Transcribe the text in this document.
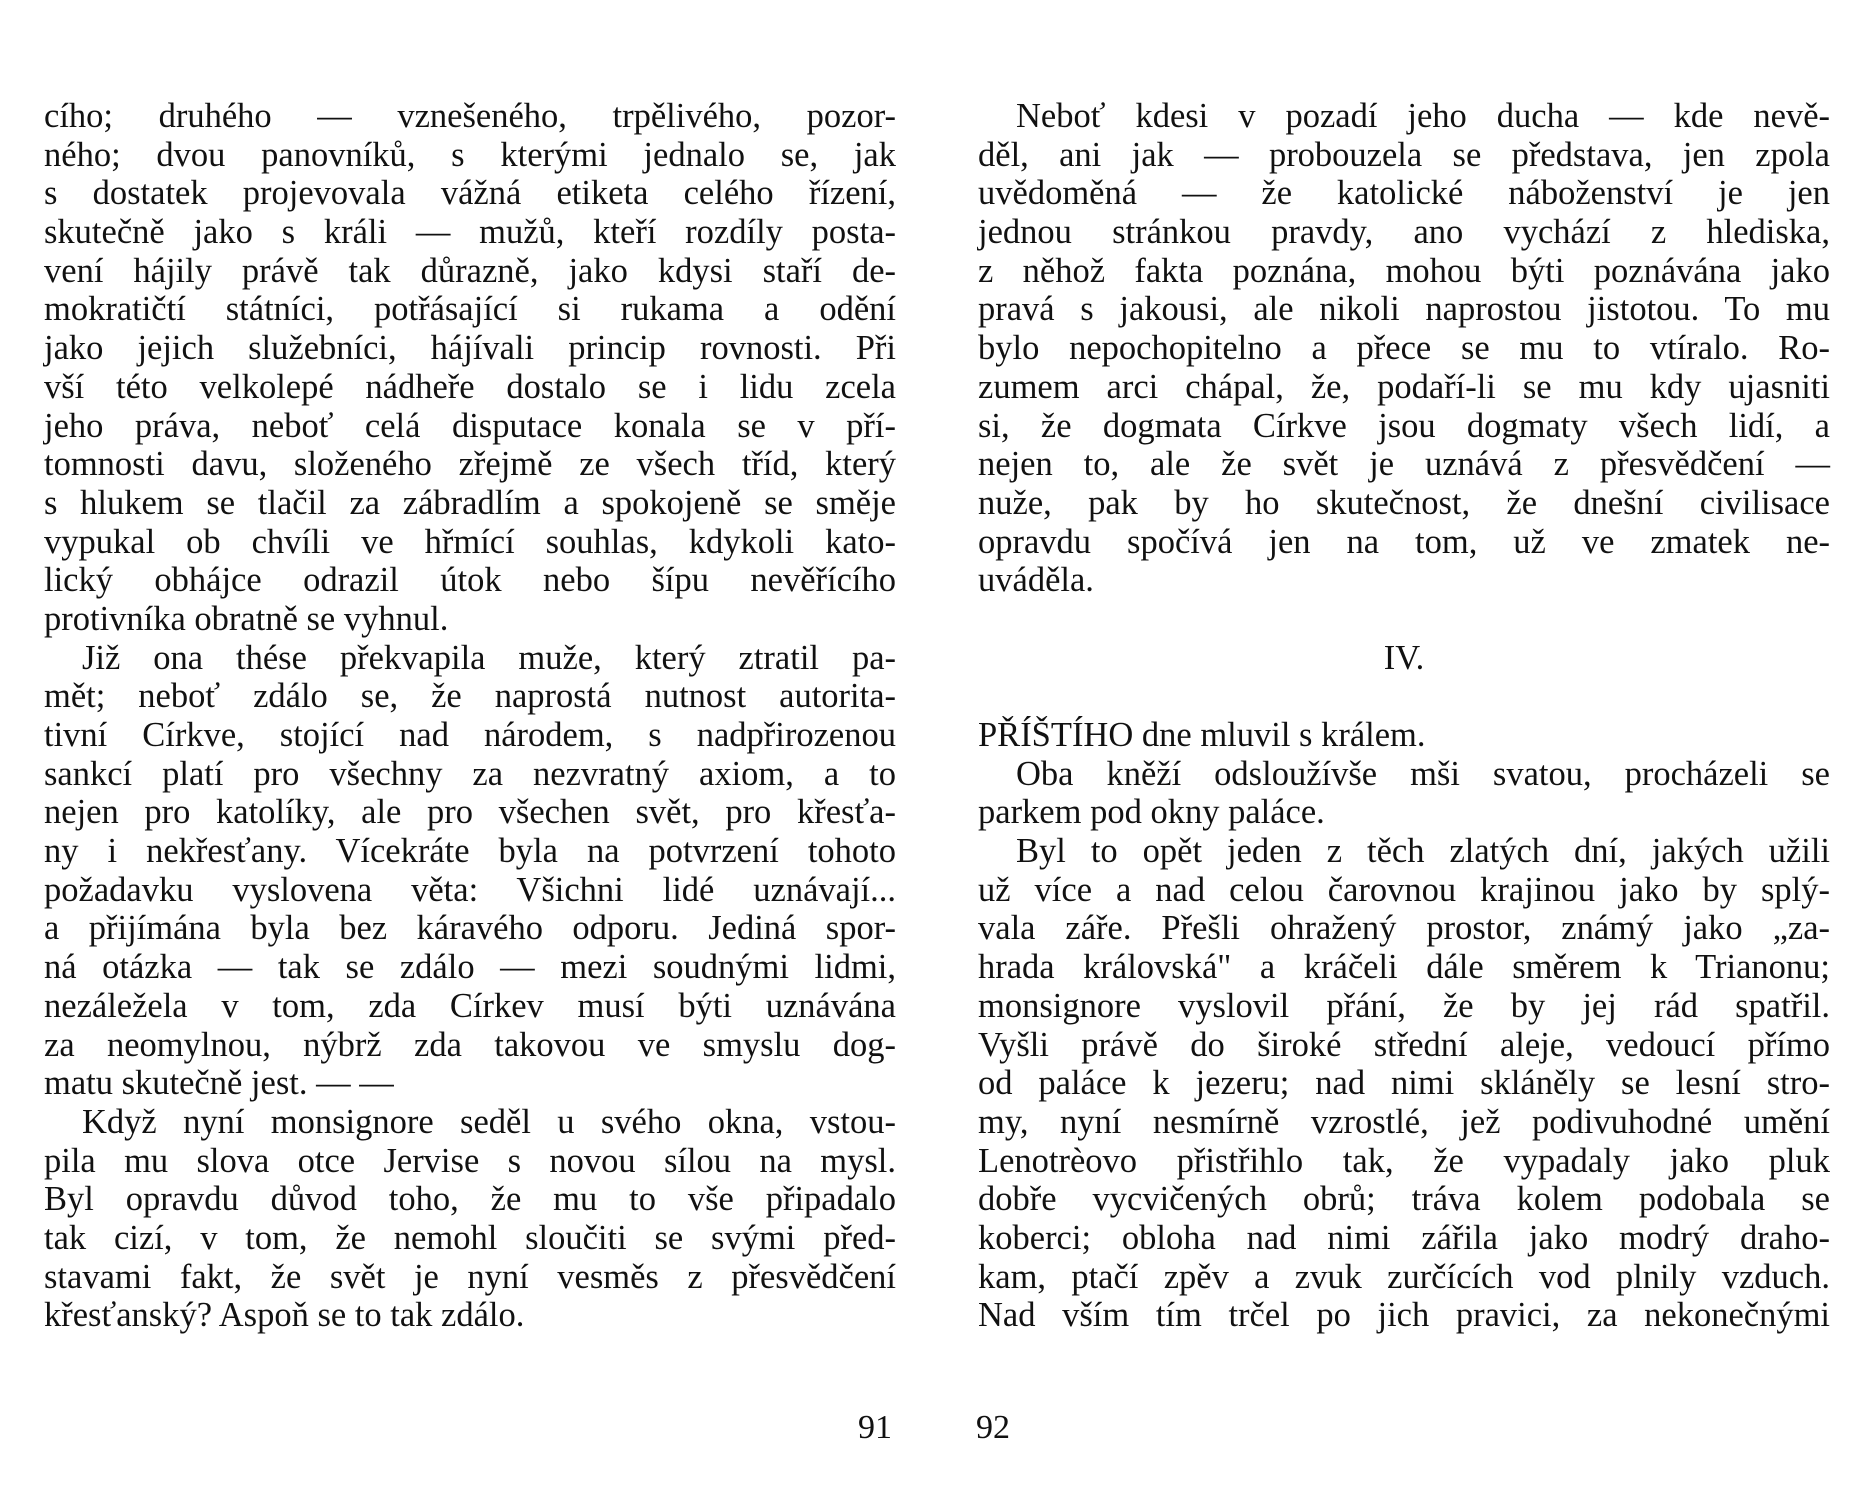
cího; druhého — vznešeného, trpělivého, pozor-
ného; dvou panovníků, s kterými jednalo se, jak
s dostatek projevovala vážná etiketa celého řízení,
skutečně jako s králi — mužů, kteří rozdíly posta-
vení hájily právě tak důrazně, jako kdysi staří de-
mokratičtí státníci, potřásající si rukama a odění
jako jejich služebníci, hájívali princip rovnosti. Při
vší této velkolepé nádheře dostalo se i lidu zcela
jeho práva, neboť celá disputace konala se v pří-
tomnosti davu, složeného zřejmě ze všech tříd, který
s hlukem se tlačil za zábradlím a spokojeně se směje
vypukal ob chvíli ve hřmící souhlas, kdykoli kato-
lický obhájce odrazil útok nebo šípu nevěřícího
protivníka obratně se vyhnul.
Již ona thése překvapila muže, který ztratil pa-
mět; neboť zdálo se, že naprostá nutnost autorita-
tivní Církve, stojící nad národem, s nadpřirozenou
sankcí platí pro všechny za nezvratný axiom, a to
nejen pro katolíky, ale pro všechen svět, pro křesťa-
ny i nekřesťany. Vícekráte byla na potvrzení tohoto
požadavku vyslovena věta: Všichni lidé uznávají...
a přijímána byla bez káravého odporu. Jediná spor-
ná otázka — tak se zdálo — mezi soudnými lidmi,
nezáležela v tom, zda Církev musí býti uznávána
za neomylnou, nýbrž zda takovou ve smyslu dog-
matu skutečně jest. — —
Když nyní monsignore seděl u svého okna, vstou-
pila mu slova otce Jervise s novou sílou na mysl.
Byl opravdu důvod toho, že mu to vše připadalo
tak cizí, v tom, že nemohl sloučiti se svými před-
stavami fakt, že svět je nyní vesměs z přesvědčení
křesťanský? Aspoň se to tak zdálo.
91
Neboť kdesi v pozadí jeho ducha — kde nevě-
děl, ani jak — probouzela se představa, jen zpola
uvědoměná — že katolické náboženství je jen
jednou stránkou pravdy, ano vychází z hlediska,
z něhož fakta poznána, mohou býti poznávána jako
pravá s jakousi, ale nikoli naprostou jistotou. To mu
bylo nepochopitelno a přece se mu to vtíralo. Ro-
zumem arci chápal, že, podaří-li se mu kdy ujasniti
si, že dogmata Církve jsou dogmaty všech lidí, a
nejen to, ale že svět je uznává z přesvědčení —
nuže, pak by ho skutečnost, že dnešní civilisace
opravdu spočívá jen na tom, už ve zmatek ne-
uváděla.
IV.
PŘÍŠTÍHO dne mluvil s králem.
Oba kněží odsloužívše mši svatou, procházeli se
parkem pod okny paláce.
Byl to opět jeden z těch zlatých dní, jakých užili
už více a nad celou čarovnou krajinou jako by splý-
vala záře. Přešli ohražený prostor, známý jako „za-
hrada královská" a kráčeli dále směrem k Trianonu;
monsignore vyslovil přání, že by jej rád spatřil.
Vyšli právě do široké střední aleje, vedoucí přímo
od paláce k jezeru; nad nimi skláněly se lesní stro-
my, nyní nesmírně vzrostlé, jež podivuhodné umění
Lenotrèovo přistřihlo tak, že vypadaly jako pluk
dobře vycvičených obrů; tráva kolem podobala se
koberci; obloha nad nimi zářila jako modrý draho-
kam, ptačí zpěv a zvuk zurčících vod plnily vzduch.
Nad vším tím trčel po jich pravici, za nekonečnými
92
